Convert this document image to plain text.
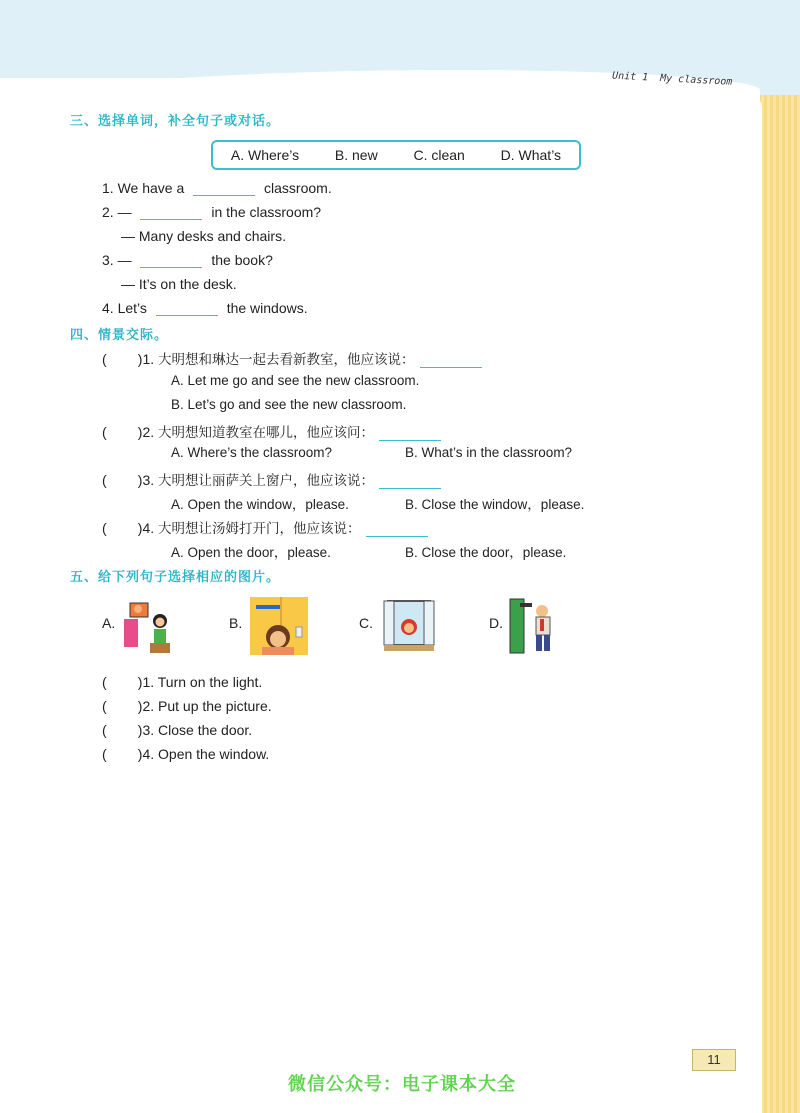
Unit 1 My classroom
三、选择单词，补全句子或对话。
A. Where’s	B. new	C. clean	D. What’s
1. We have a	classroom.
2. —	in the classroom?
— Many desks and chairs.
3. —	the book?
— It’s on the desk.
4. Let’s	the windows.
四、情景交际。
(        )1. 大明想和琳达一起去看新教室，他应该说：
A. Let me go and see the new classroom.
B. Let’s go and see the new classroom.
(        )2. 大明想知道教室在哪儿，他应该问：
A. Where’s the classroom?	B. What’s in the classroom?
(        )3. 大明想让丽萨关上窗户，他应该说：
A. Open the window，please.	B. Close the window，please.
(        )4. 大明想让汤姆打开门，他应该说：
A. Open the door，please.	B. Close the door，please.
五、给下列句子选择相应的图片。
A.	B.	C.	D.
(        )1. Turn on the light.
(        )2. Put up the picture.
(        )3. Close the door.
(        )4. Open the window.
11
微信公众号：电子课本大全
